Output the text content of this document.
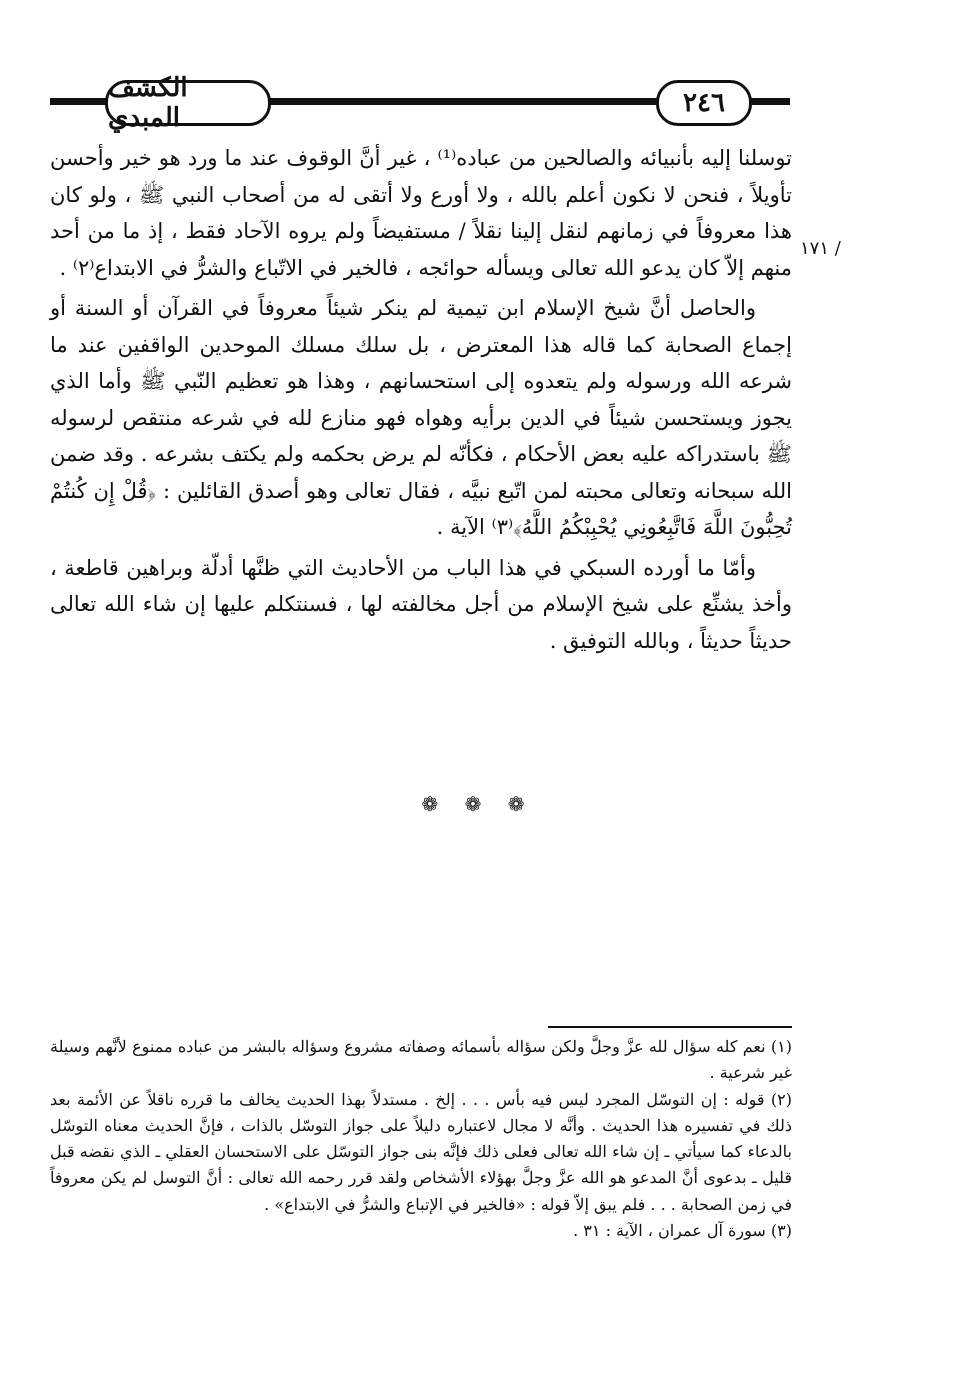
الكشف المبدي	٢٤٦
١٧١ /

توسلنا إليه بأنبيائه والصالحين من عباده⁽¹⁾ ، غير أنَّ الوقوف عند ما ورد هو خير وأحسن تأويلاً ، فنحن لا نكون أعلم بالله ، ولا أورع ولا أتقى له من أصحاب النبي ﷺ ، ولو كان هذا معروفاً في زمانهم لنقل إلينا نقلاً / مستفيضاً ولم يروه الآحاد فقط ، إذ ما من أحد منهم إلاّ كان يدعو الله تعالى ويسأله حوائجه ، فالخير في الاتّباع والشرُّ في الابتداع⁽٢⁾ .

والحاصل أنَّ شيخ الإسلام ابن تيمية لم ينكر شيئاً معروفاً في القرآن أو السنة أو إجماع الصحابة كما قاله هذا المعترض ، بل سلك مسلك الموحدين الواقفين عند ما شرعه الله ورسوله ولم يتعدوه إلى استحسانهم ، وهذا هو تعظيم النّبي ﷺ وأما الذي يجوز ويستحسن شيئاً في الدين برأيه وهواه فهو منازع لله في شرعه منتقص لرسوله ﷺ باستدراكه عليه بعض الأحكام ، فكأنّه لم يرض بحكمه ولم يكتف بشرعه . وقد ضمن الله سبحانه وتعالى محبته لمن اتّبع نبيَّه ، فقال تعالى وهو أصدق القائلين : ﴿قُلْ إِن كُنتُمْ تُحِبُّونَ اللَّهَ فَاتَّبِعُونِي يُحْبِبْكُمُ اللَّهُ﴾⁽٣⁾ الآية .

وأمّا ما أورده السبكي في هذا الباب من الأحاديث التي ظنَّها أدلّة وبراهين قاطعة ، وأخذ يشنِّع على شيخ الإسلام من أجل مخالفته لها ، فسنتكلم عليها إن شاء الله تعالى حديثاً حديثاً ، وبالله التوفيق .

❁ ❁ ❁

(١) نعم كله سؤال لله عزَّ وجلَّ ولكن سؤاله بأسمائه وصفاته مشروع وسؤاله بالبشر من عباده ممنوع لأنَّهم وسيلة غير شرعية .

(٢) قوله : إن التوسّل المجرد ليس فيه بأس . . . إلخ . مستدلاً بهذا الحديث يخالف ما قرره ناقلاً عن الأئمة بعد ذلك في تفسيره هذا الحديث . وأنَّه لا مجال لاعتباره دليلاً على جواز التوسّل بالذات ، فإنَّ الحديث معناه التوسّل بالدعاء كما سيأتي ـ إن شاء الله تعالى فعلى ذلك فإنَّه بنى جواز التوسّل على الاستحسان العقلي ـ الذي نقضه قبل قليل ـ بدعوى أنَّ المدعو هو الله عزَّ وجلَّ بهؤلاء الأشخاص ولقد قرر رحمه الله تعالى : أنَّ التوسل لم يكن معروفاً في زمن الصحابة . . . فلم يبق إلاّ قوله : «فالخير في الإتباع والشرُّ في الابتداع» .

(٣) سورة آل عمران ، الآية : ٣١ .
